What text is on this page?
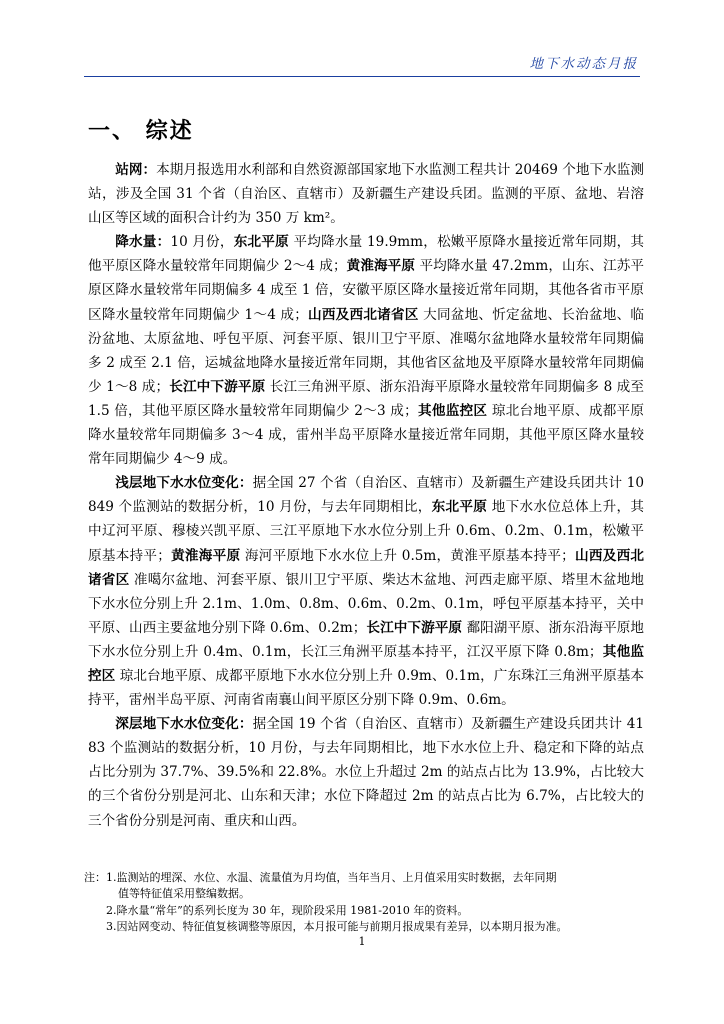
地下水动态月报
一、 综述

站网：本期月报选用水利部和自然资源部国家地下水监测工程共计 20469 个地下水监测站，涉及全国 31 个省（自治区、直辖市）及新疆生产建设兵团。监测的平原、盆地、岩溶山区等区域的面积合计约为 350 万 km²。

降水量：10 月份，东北平原 平均降水量 19.9mm，松嫩平原降水量接近常年同期，其他平原区降水量较常年同期偏少 2～4 成；黄淮海平原 平均降水量 47.2mm，山东、江苏平原区降水量较常年同期偏多 4 成至 1 倍，安徽平原区降水量接近常年同期，其他各省市平原区降水量较常年同期偏少 1～4 成；山西及西北诸省区 大同盆地、忻定盆地、长治盆地、临汾盆地、太原盆地、呼包平原、河套平原、银川卫宁平原、准噶尔盆地降水量较常年同期偏多 2 成至 2.1 倍，运城盆地降水量接近常年同期，其他省区盆地及平原降水量较常年同期偏少 1～8 成；长江中下游平原 长江三角洲平原、浙东沿海平原降水量较常年同期偏多 8 成至 1.5 倍，其他平原区降水量较常年同期偏少 2～3 成；其他监控区 琼北台地平原、成都平原降水量较常年同期偏多 3～4 成，雷州半岛平原降水量接近常年同期，其他平原区降水量较常年同期偏少 4～9 成。

浅层地下水水位变化：据全国 27 个省（自治区、直辖市）及新疆生产建设兵团共计 10849 个监测站的数据分析，10 月份，与去年同期相比，东北平原 地下水水位总体上升，其中辽河平原、穆棱兴凯平原、三江平原地下水水位分别上升 0.6m、0.2m、0.1m，松嫩平原基本持平；黄淮海平原 海河平原地下水水位上升 0.5m，黄淮平原基本持平；山西及西北诸省区 准噶尔盆地、河套平原、银川卫宁平原、柴达木盆地、河西走廊平原、塔里木盆地地下水水位分别上升 2.1m、1.0m、0.8m、0.6m、0.2m、0.1m，呼包平原基本持平，关中平原、山西主要盆地分别下降 0.6m、0.2m；长江中下游平原 鄱阳湖平原、浙东沿海平原地下水水位分别上升 0.4m、0.1m，长江三角洲平原基本持平，江汉平原下降 0.8m；其他监控区 琼北台地平原、成都平原地下水水位分别上升 0.9m、0.1m，广东珠江三角洲平原基本持平，雷州半岛平原、河南省南襄山间平原区分别下降 0.9m、0.6m。

深层地下水水位变化：据全国 19 个省（自治区、直辖市）及新疆生产建设兵团共计 4183 个监测站的数据分析，10 月份，与去年同期相比，地下水水位上升、稳定和下降的站点占比分别为 37.7%、39.5%和 22.8%。水位上升超过 2m 的站点占比为 13.9%，占比较大的三个省份分别是河北、山东和天津；水位下降超过 2m 的站点占比为 6.7%，占比较大的三个省份分别是河南、重庆和山西。

注： 1.监测站的埋深、水位、水温、流量值为月均值，当年当月、上月值采用实时数据，去年同期
值等特征值采用整编数据。
2.降水量“常年”的系列长度为 30 年，现阶段采用 1981-2010 年的资料。
3.因站网变动、特征值复核调整等原因，本月报可能与前期月报成果有差异，以本期月报为准。
1
